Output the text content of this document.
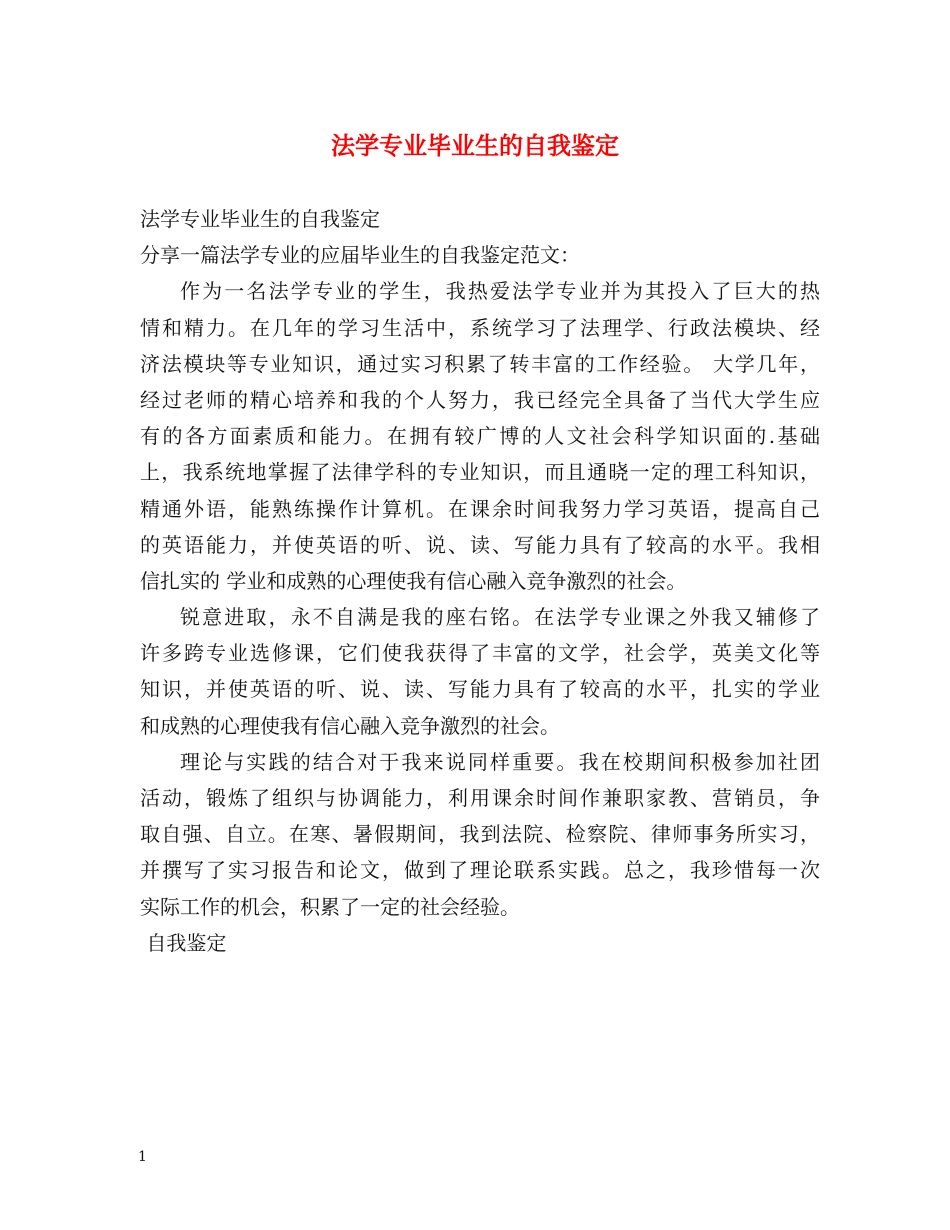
法学专业毕业生的自我鉴定
法学专业毕业生的自我鉴定
分享一篇法学专业的应届毕业生的自我鉴定范文：
作为一名法学专业的学生，我热爱法学专业并为其投入了巨大的热
情和精力。在几年的学习生活中，系统学习了法理学、行政法模块、经
济法模块等专业知识，通过实习积累了转丰富的工作经验。 大学几年，
经过老师的精心培养和我的个人努力，我已经完全具备了当代大学生应
有的各方面素质和能力。在拥有较广博的人文社会科学知识面的.基础
上，我系统地掌握了法律学科的专业知识，而且通晓一定的理工科知识，
精通外语，能熟练操作计算机。在课余时间我努力学习英语，提高自己
的英语能力，并使英语的听、说、读、写能力具有了较高的水平。我相
信扎实的 学业和成熟的心理使我有信心融入竞争激烈的社会。
锐意进取，永不自满是我的座右铭。在法学专业课之外我又辅修了
许多跨专业选修课，它们使我获得了丰富的文学，社会学，英美文化等
知识，并使英语的听、说、读、写能力具有了较高的水平，扎实的学业
和成熟的心理使我有信心融入竞争激烈的社会。
理论与实践的结合对于我来说同样重要。我在校期间积极参加社团
活动，锻炼了组织与协调能力，利用课余时间作兼职家教、营销员，争
取自强、自立。在寒、暑假期间，我到法院、检察院、律师事务所实习，
并撰写了实习报告和论文，做到了理论联系实践。总之，我珍惜每一次
实际工作的机会，积累了一定的社会经验。
自我鉴定
1
